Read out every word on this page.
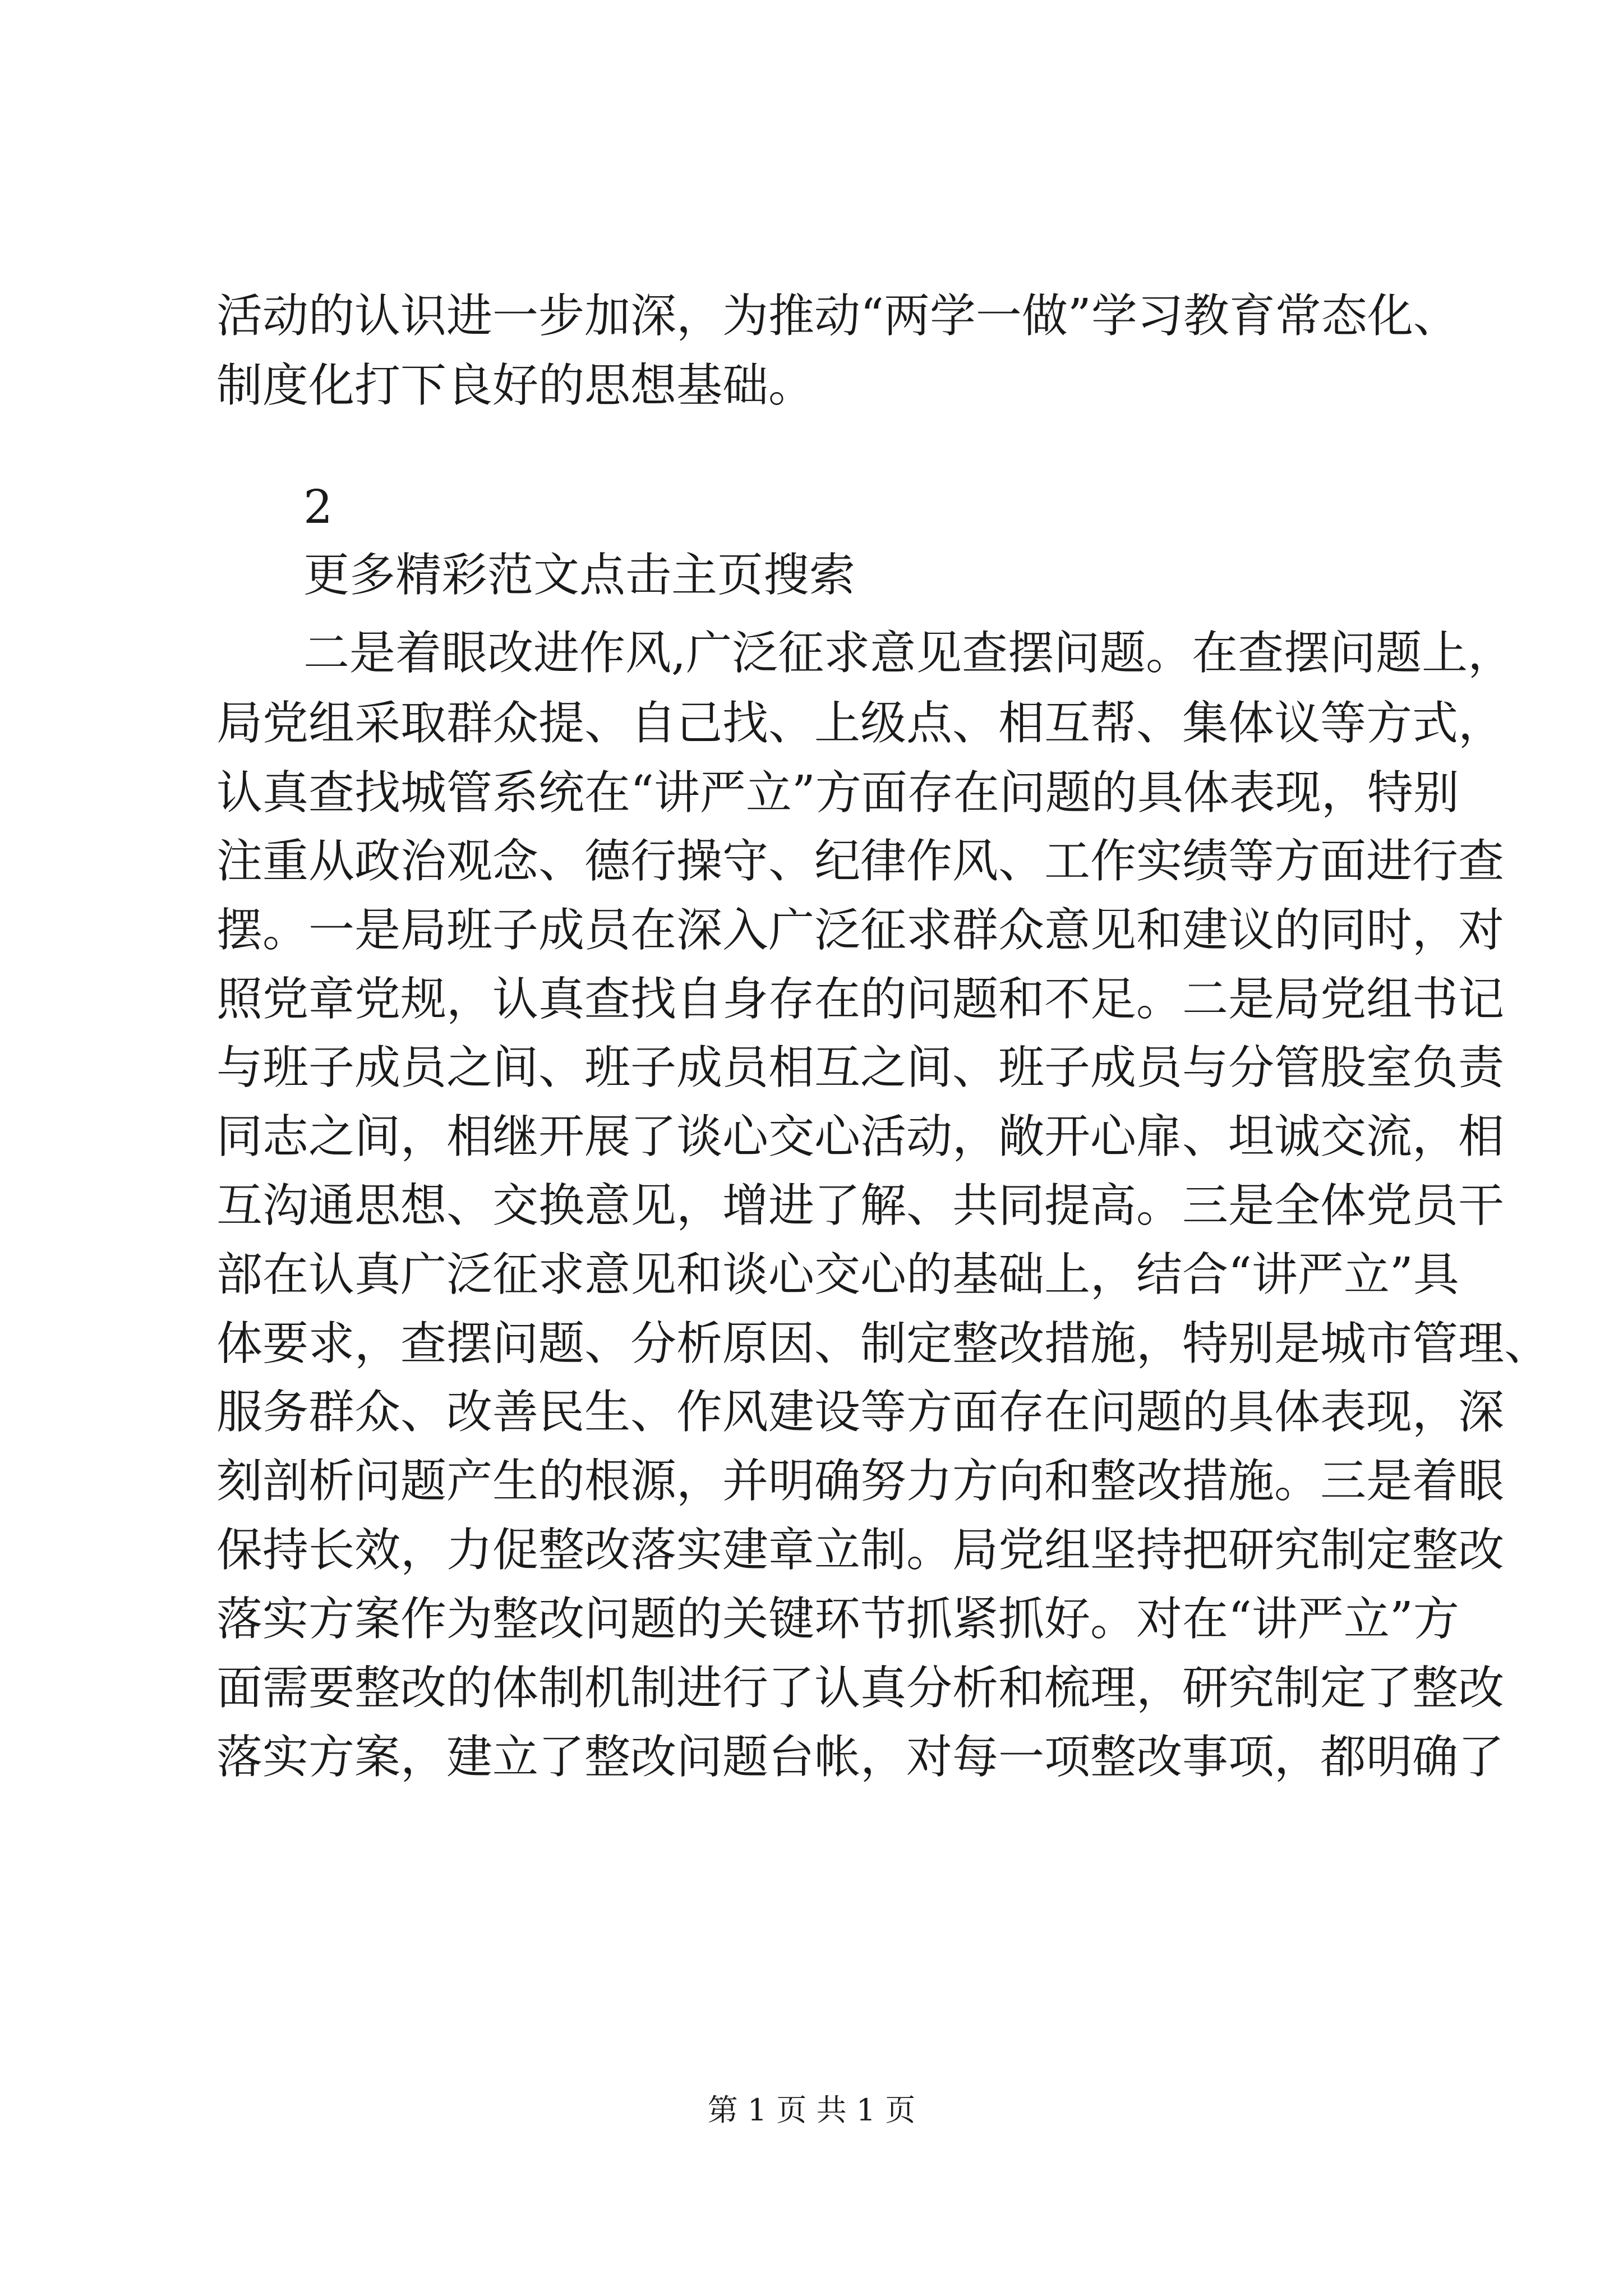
活动的认识进一步加深，为推动“两学一做”学习教育常态化、

制度化打下良好的思想基础。

2

更多精彩范文点击主页搜索

二是着眼改进作风,广泛征求意见查摆问题。在查摆问题上，

局党组采取群众提、自己找、上级点、相互帮、集体议等方式，

认真查找城管系统在“讲严立”方面存在问题的具体表现，特别

注重从政治观念、德行操守、纪律作风、工作实绩等方面进行查

摆。一是局班子成员在深入广泛征求群众意见和建议的同时，对

照党章党规，认真查找自身存在的问题和不足。二是局党组书记

与班子成员之间、班子成员相互之间、班子成员与分管股室负责

同志之间，相继开展了谈心交心活动，敞开心扉、坦诚交流，相

互沟通思想、交换意见，增进了解、共同提高。三是全体党员干

部在认真广泛征求意见和谈心交心的基础上，结合“讲严立”具

体要求，查摆问题、分析原因、制定整改措施，特别是城市管理、

服务群众、改善民生、作风建设等方面存在问题的具体表现，深

刻剖析问题产生的根源，并明确努力方向和整改措施。三是着眼

保持长效，力促整改落实建章立制。局党组坚持把研究制定整改

落实方案作为整改问题的关键环节抓紧抓好。对在“讲严立”方

面需要整改的体制机制进行了认真分析和梳理，研究制定了整改

落实方案，建立了整改问题台帐，对每一项整改事项，都明确了

第 1 页 共 1 页
